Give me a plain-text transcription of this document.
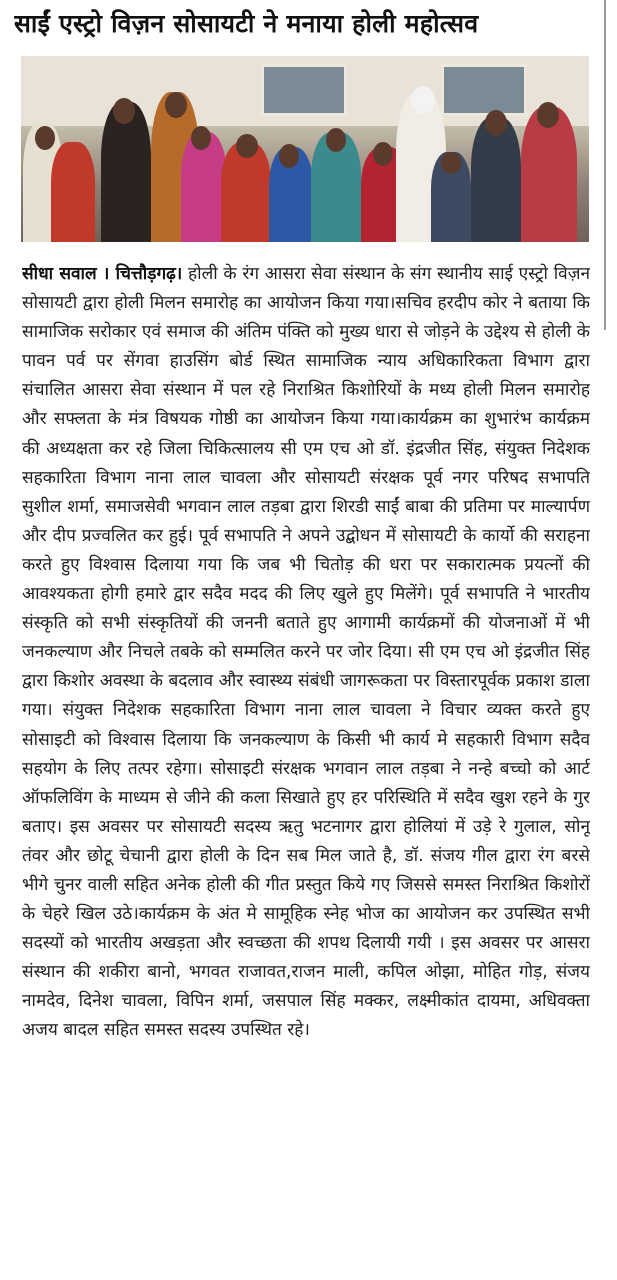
साईं एस्ट्रो विज़न सोसायटी ने मनाया होली महोत्सव

सीधा सवाल । चित्तौड़गढ़। होली के रंग आसरा सेवा संस्थान के संग स्थानीय साई एस्ट्रो विज़न सोसायटी द्वारा होली मिलन समारोह का आयोजन किया गया।सचिव हरदीप कोर ने बताया कि सामाजिक सरोकार एवं समाज की अंतिम पंक्ति को मुख्य धारा से जोड़ने के उद्देश्य से होली के पावन पर्व पर सेंगवा हाउसिंग बोर्ड स्थित सामाजिक न्याय अधिकारिकता विभाग द्वारा संचालित आसरा सेवा संस्थान में पल रहे निराश्रित किशोरियों के मध्य होली मिलन समारोह और सफ्लता के मंत्र विषयक गोष्ठी का आयोजन किया गया।कार्यक्रम का शुभारंभ कार्यक्रम की अध्यक्षता कर रहे जिला चिकित्सालय सी एम एच ओ डॉ. इंद्रजीत सिंह, संयुक्त निदेशक सहकारिता विभाग नाना लाल चावला और सोसायटी संरक्षक पूर्व नगर परिषद सभापति सुशील शर्मा, समाजसेवी भगवान लाल तड़बा द्वारा शिरडी साईं बाबा की प्रतिमा पर माल्यार्पण और दीप प्रज्वलित कर हुई। पूर्व सभापति ने अपने उद्बोधन में सोसायटी के कार्यो की सराहना करते हुए विश्वास दिलाया गया कि जब भी चितोड़ की धरा पर सकारात्मक प्रयत्नों की आवश्यकता होगी हमारे द्वार सदैव मदद की लिए खुले हुए मिलेंगे। पूर्व सभापति ने भारतीय संस्कृति को सभी संस्कृतियों की जननी बताते हुए आगामी कार्यक्रमों की योजनाओं में भी जनकल्याण और निचले तबके को सम्मलित करने पर जोर दिया। सी एम एच ओ इंद्रजीत सिंह द्वारा किशोर अवस्था के बदलाव और स्वास्थ्य संबंधी जागरूकता पर विस्तारपूर्वक प्रकाश डाला गया। संयुक्त निदेशक सहकारिता विभाग नाना लाल चावला ने विचार व्यक्त करते हुए सोसाइटी को विश्वास दिलाया कि जनकल्याण के किसी भी कार्य मे सहकारी विभाग सदैव सहयोग के लिए तत्पर रहेगा। सोसाइटी संरक्षक भगवान लाल तड़बा ने नन्हे बच्चो को आर्ट ऑफलिविंग के माध्यम से जीने की कला सिखाते हुए हर परिस्थिति में सदैव खुश रहने के गुर बताए। इस अवसर पर सोसायटी सदस्य ऋतु भटनागर द्वारा होलियां में उड़े रे गुलाल, सोनू तंवर और छोटू चेचानी द्वारा होली के दिन सब मिल जाते है, डॉ. संजय गील द्वारा रंग बरसे भीगे चुनर वाली सहित अनेक होली की गीत प्रस्तुत किये गए जिससे समस्त निराश्रित किशोरों के चेहरे खिल उठे।कार्यक्रम के अंत मे सामूहिक स्नेह भोज का आयोजन कर उपस्थित सभी सदस्यों को भारतीय अखड़ता और स्वच्छता की शपथ दिलायी गयी । इस अवसर पर आसरा संस्थान की शकीरा बानो, भगवत राजावत,राजन माली, कपिल ओझा, मोहित गोड़, संजय नामदेव, दिनेश चावला, विपिन शर्मा, जसपाल सिंह मक्कर, लक्ष्मीकांत दायमा, अधिवक्ता अजय बादल सहित समस्त सदस्य उपस्थित रहे।
